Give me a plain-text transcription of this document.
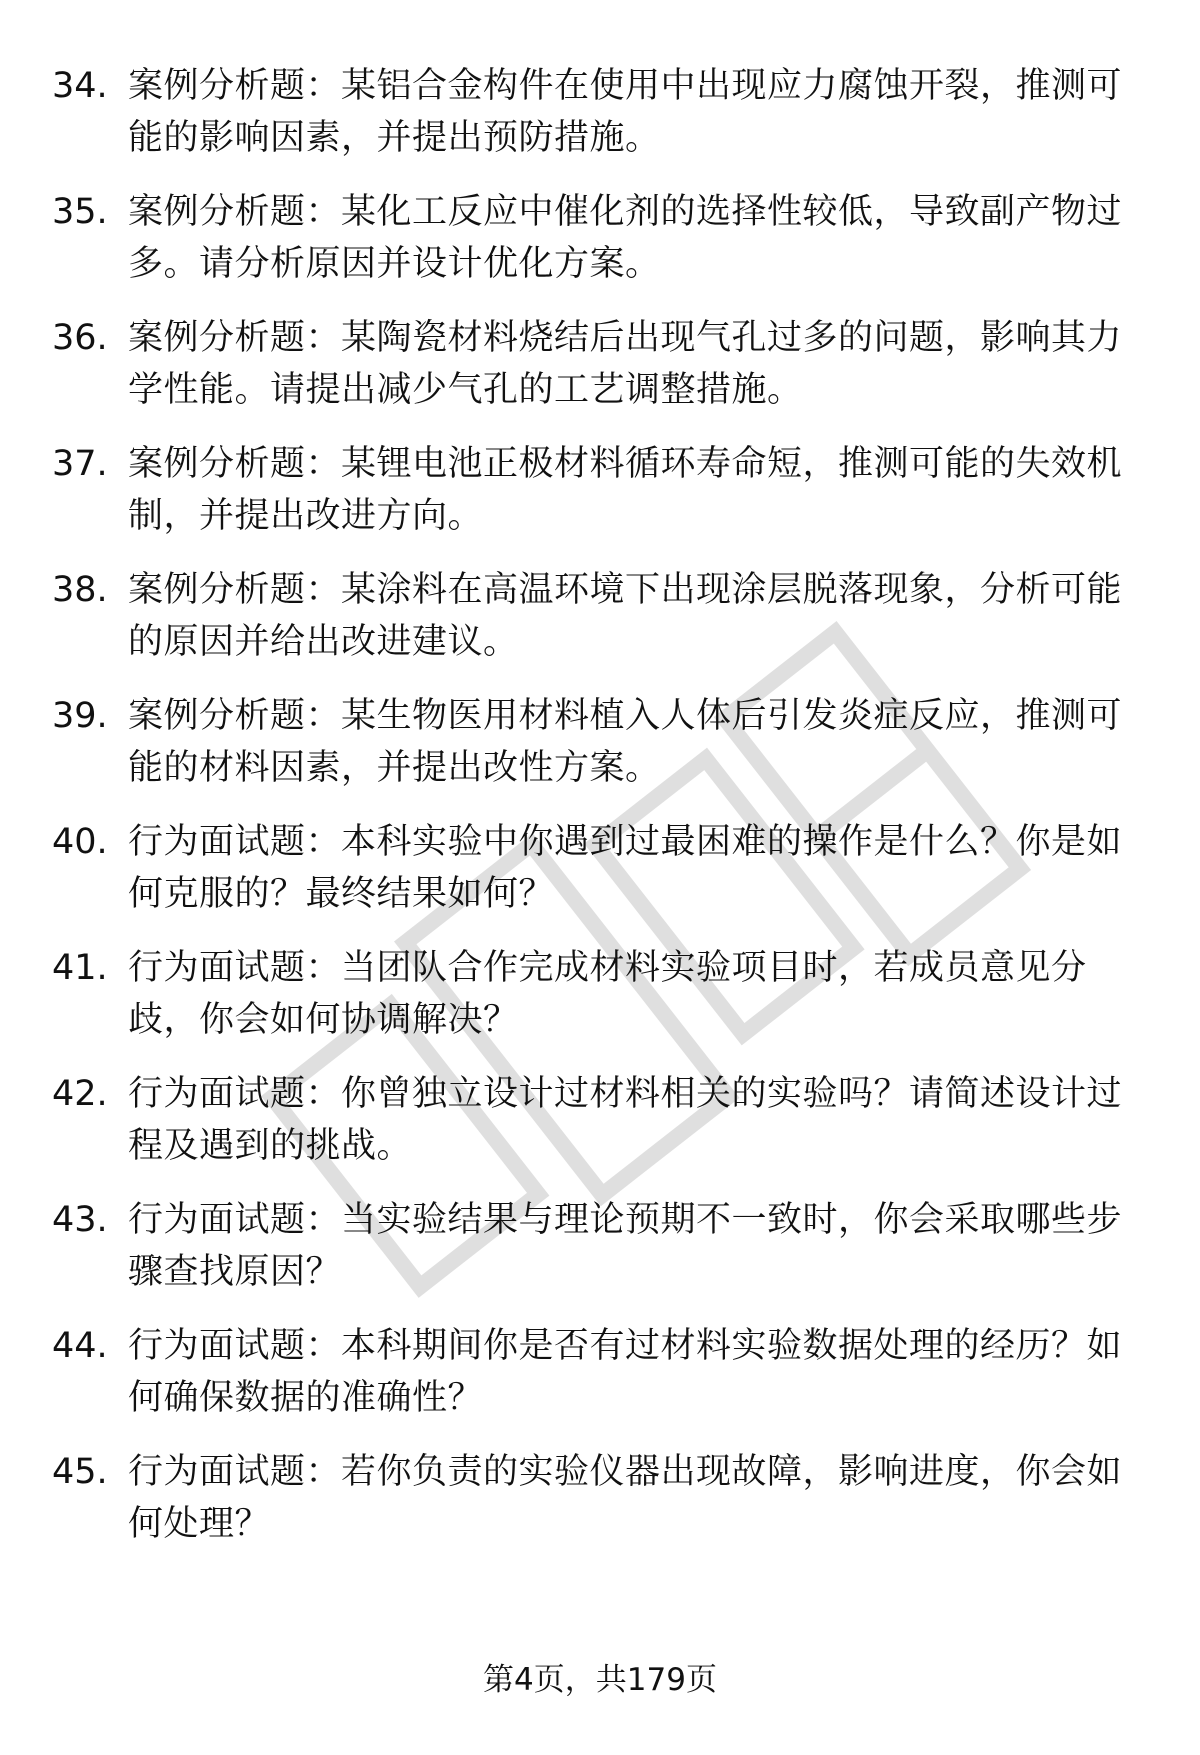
34. 案例分析题：某铝合金构件在使用中出现应力腐蚀开裂，推测可能的影响因素，并提出预防措施。
35. 案例分析题：某化工反应中催化剂的选择性较低，导致副产物过多。请分析原因并设计优化方案。
36. 案例分析题：某陶瓷材料烧结后出现气孔过多的问题，影响其力学性能。请提出减少气孔的工艺调整措施。
37. 案例分析题：某锂电池正极材料循环寿命短，推测可能的失效机制，并提出改进方向。
38. 案例分析题：某涂料在高温环境下出现涂层脱落现象，分析可能的原因并给出改进建议。
39. 案例分析题：某生物医用材料植入人体后引发炎症反应，推测可能的材料因素，并提出改性方案。
40. 行为面试题：本科实验中你遇到过最困难的操作是什么？你是如何克服的？最终结果如何？
41. 行为面试题：当团队合作完成材料实验项目时，若成员意见分歧，你会如何协调解决？
42. 行为面试题：你曾独立设计过材料相关的实验吗？请简述设计过程及遇到的挑战。
43. 行为面试题：当实验结果与理论预期不一致时，你会采取哪些步骤查找原因？
44. 行为面试题：本科期间你是否有过材料实验数据处理的经历？如何确保数据的准确性？
45. 行为面试题：若你负责的实验仪器出现故障，影响进度，你会如何处理？
第4页，共179页
